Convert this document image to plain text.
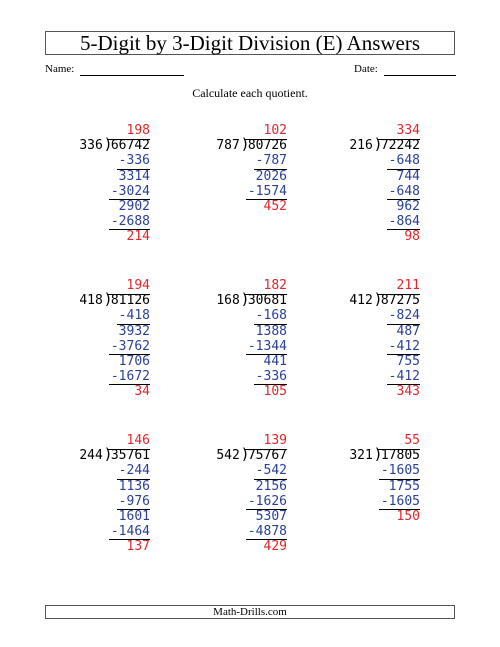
5-Digit by 3-Digit Division (E) Answers
Name:	Date:
Calculate each quotient.
198
66742
)
336
-336
3314
-3024
2902
-2688
214
102
80726
)
787
-787
2026
-1574
452
334
72242
)
216
-648
744
-648
962
-864
98
194
81126
)
418
-418
3932
-3762
1706
-1672
34
182
30681
)
168
-168
1388
-1344
441
-336
105
211
87275
)
412
-824
487
-412
755
-412
343
146
35761
)
244
-244
1136
-976
1601
-1464
137
139
75767
)
542
-542
2156
-1626
5307
-4878
429
55
17805
)
321
-1605
1755
-1605
150
Math-Drills.com
